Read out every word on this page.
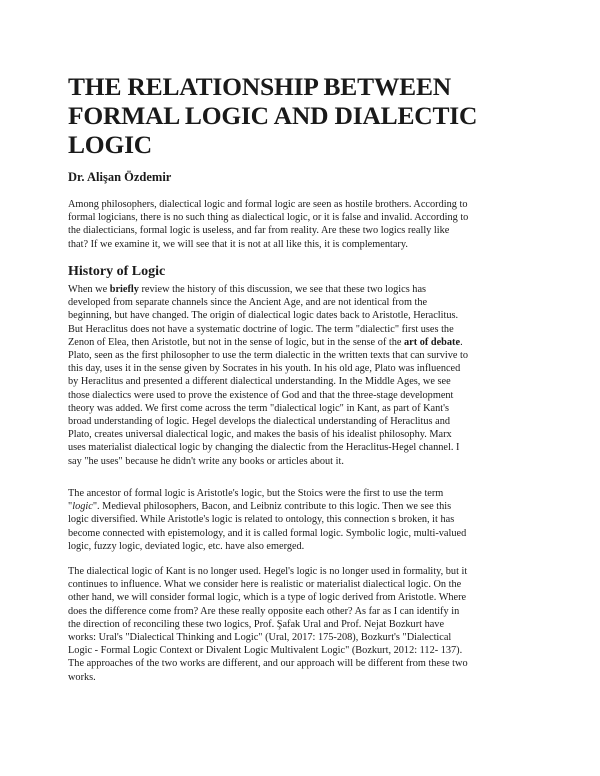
THE RELATIONSHIP BETWEEN
FORMAL LOGIC AND DIALECTIC
LOGIC

Dr. Alişan Özdemir

Among philosophers, dialectical logic and formal logic are seen as hostile brothers. According to
formal logicians, there is no such thing as dialectical logic, or it is false and invalid. According to
the dialecticians, formal logic is useless, and far from reality. Are these two logics really like
that? If we examine it, we will see that it is not at all like this, it is complementary.
History of Logic
When we briefly review the history of this discussion, we see that these two logics has
developed from separate channels since the Ancient Age, and are not identical from the
beginning, but have changed. The origin of dialectical logic dates back to Aristotle, Heraclitus.
But Heraclitus does not have a systematic doctrine of logic. The term "dialectic" first uses the
Zenon of Elea, then Aristotle, but not in the sense of logic, but in the sense of the art of debate.
Plato, seen as the first philosopher to use the term dialectic in the written texts that can survive to
this day, uses it in the sense given by Socrates in his youth. In his old age, Plato was influenced
by Heraclitus and presented a different dialectical understanding. In the Middle Ages, we see
those dialectics were used to prove the existence of God and that the three-stage development
theory was added. We first come across the term "dialectical logic" in Kant, as part of Kant's
broad understanding of logic. Hegel develops the dialectical understanding of Heraclitus and
Plato, creates universal dialectical logic, and makes the basis of his idealist philosophy. Marx
uses materialist dialectical logic by changing the dialectic from the Heraclitus-Hegel channel. I
say "he uses" because he didn't write any books or articles about it.
The ancestor of formal logic is Aristotle's logic, but the Stoics were the first to use the term
"logic". Medieval philosophers, Bacon, and Leibniz contribute to this logic. Then we see this
logic diversified. While Aristotle's logic is related to ontology, this connection s broken, it has
become connected with epistemology, and it is called formal logic. Symbolic logic, multi-valued
logic, fuzzy logic, deviated logic, etc. have also emerged.
The dialectical logic of Kant is no longer used. Hegel's logic is no longer used in formality, but it
continues to influence. What we consider here is realistic or materialist dialectical logic. On the
other hand, we will consider formal logic, which is a type of logic derived from Aristotle. Where
does the difference come from? Are these really opposite each other? As far as I can identify in
the direction of reconciling these two logics, Prof. Şafak Ural and Prof. Nejat Bozkurt have
works: Ural's "Dialectical Thinking and Logic" (Ural, 2017: 175-208), Bozkurt's "Dialectical
Logic - Formal Logic Context or Divalent Logic Multivalent Logic" (Bozkurt, 2012: 112- 137).
The approaches of the two works are different, and our approach will be different from these two
works.
